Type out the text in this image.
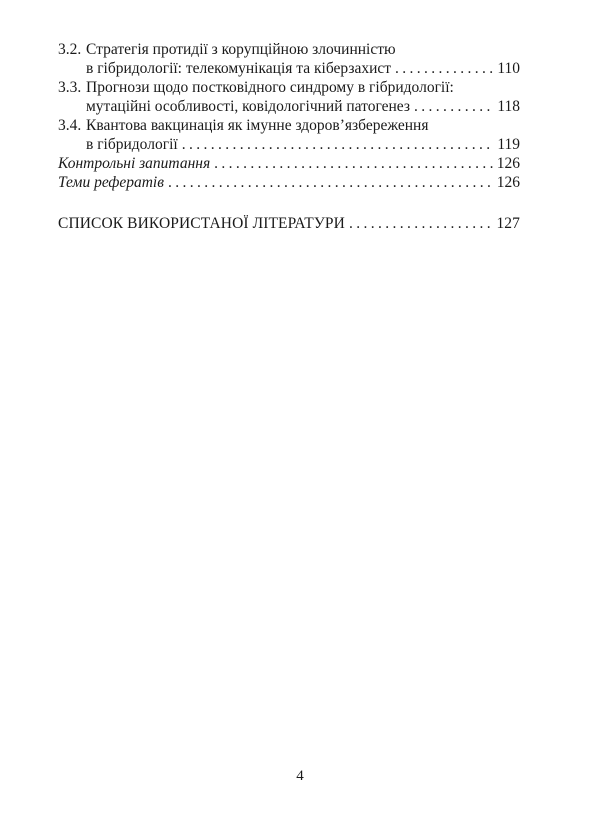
3.2. Стратегія протидії з корупційною злочинністю
в гібридології: телекомунікація та кіберзахист . . .	110
3.3. Прогнози щодо постковідного синдрому в гібридології:
мутаційні особливості, ковідологічний патогенез . . .	118
3.4. Квантова вакцинація як імунне здоров’язбереження
в гібридології . . .	119
Контрольні запитання . . .	126
Теми рефератів . . .	126
СПИСОК ВИКОРИСТАНОЇ ЛІТЕРАТУРИ . . .	127
4
